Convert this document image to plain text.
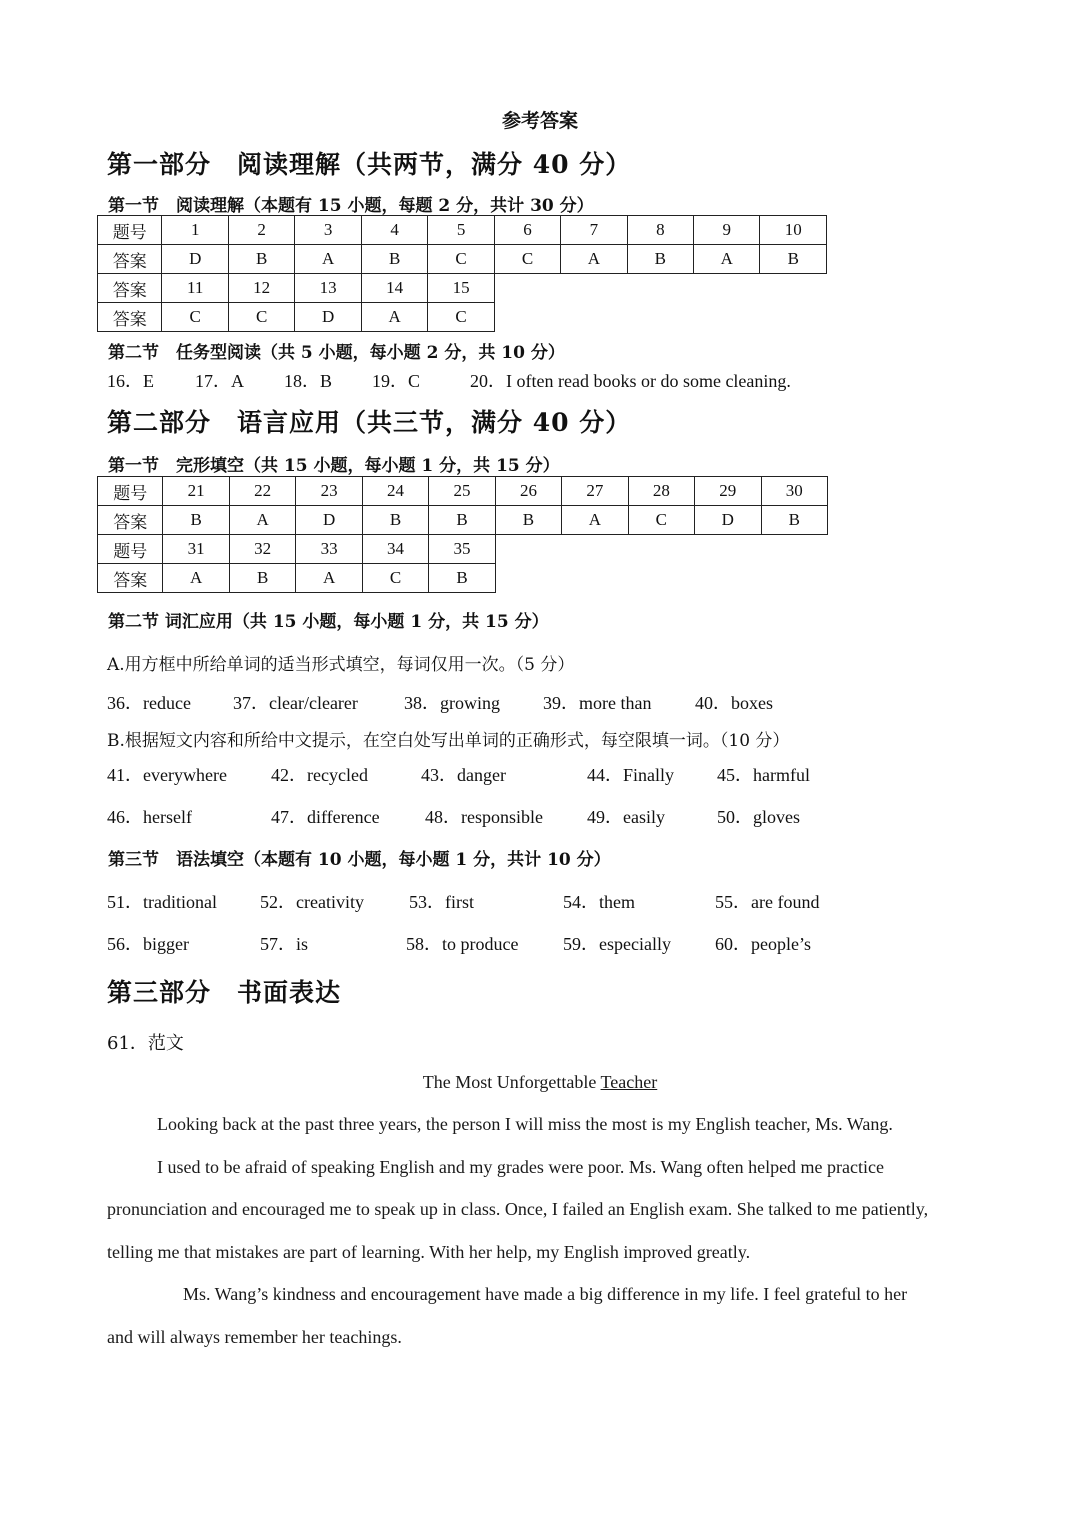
参考答案
第一部分　阅读理解（共两节，满分 40 分）
第一节　阅读理解（本题有 15 小题，每题 2 分，共计 30 分）
题号	1	2	3	4	5	6	7	8	9	10
答案	D	B	A	B	C	C	A	B	A	B
答案	11	12	13	14	15					
答案	C	C	D	A	C					
第二节　任务型阅读（共 5 小题，每小题 2 分，共 10 分）
16．E 17．A 18．B 19．C	20．I often read books or do some cleaning.
第二部分　语言应用（共三节，满分 40 分）
第一节　完形填空（共 15 小题，每小题 1 分，共 15 分）
题号	21	22	23	24	25	26	27	28	29	30
答案	B	A	D	B	B	B	A	C	D	B
题号	31	32	33	34	35					
答案	A	B	A	C	B					
第二节 词汇应用（共 15 小题，每小题 1 分，共 15 分）
A.用方框中所给单词的适当形式填空，每词仅用一次。（5 分）
36．reduce 37．clear/clearer	38．growing 39．more than 40．boxes
B.根据短文内容和所给中文提示，在空白处写出单词的正确形式，每空限填一词。（10 分）
41．everywhere 42．recycled	43．danger	44．Finally 45．harmful
46．herself	47．difference	48．responsible 49．easily	50．gloves
第三节　语法填空（本题有 10 小题，每小题 1 分，共计 10 分）
51．traditional 52．creativity	53．first	54．them	55．are found
56．bigger	57．is	58．to produce 59．especially 60．people’s
第三部分　书面表达
61．范文
The Most Unforgettable Teacher
Looking back at the past three years, the person I will miss the most is my English teacher, Ms. Wang.
I used to be afraid of speaking English and my grades were poor. Ms. Wang often helped me practice
pronunciation and encouraged me to speak up in class. Once, I failed an English exam. She talked to me patiently,
telling me that mistakes are part of learning. With her help, my English improved greatly.
Ms. Wang’s kindness and encouragement have made a big difference in my life. I feel grateful to her
and will always remember her teachings.
